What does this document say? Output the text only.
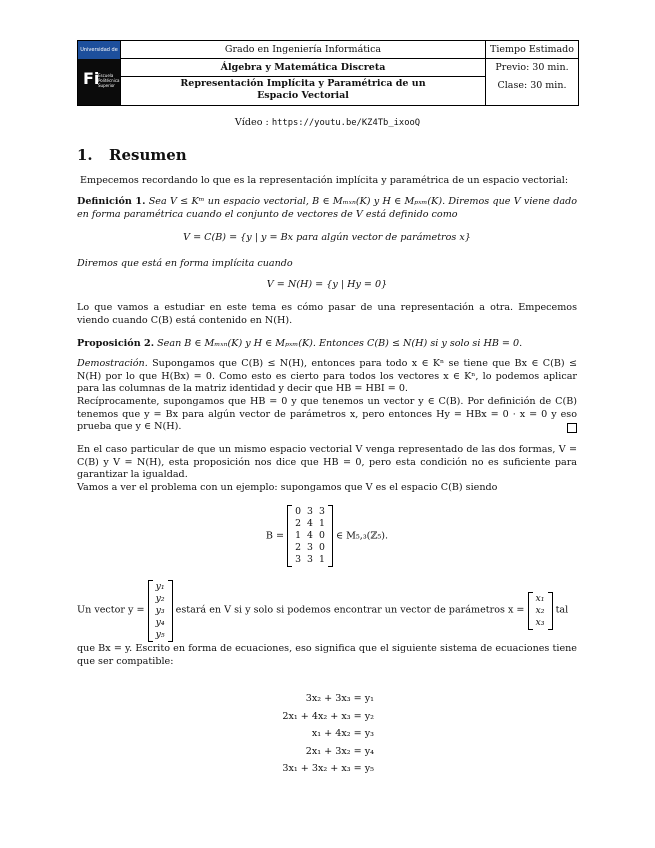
Universidad de
Fi
Escuela Politécnica Superior
Grado en Ingeniería Informática
Álgebra y Matemática Discreta
Representación Implícita y Paramétrica de un Espacio Vectorial
Tiempo Estimado
Previo: 30 min.
Clase: 30 min.
Vídeo : https://youtu.be/KZ4Tb_ixooQ
1. Resumen
Empecemos recordando lo que es la representación implícita y paramétrica de un espacio vectorial:
Definición 1. Sea V ≤ Kᵐ un espacio vectorial, B ∈ Mₘₓₙ(K) y H ∈ Mₚₓₘ(K). Diremos que V viene dado en forma paramétrica cuando el conjunto de vectores de V está definido como
V = C(B) = {y | y = Bx para algún vector de parámetros x}
Diremos que está en forma implícita cuando
V = N(H) = {y | Hy = 0}
Lo que vamos a estudiar en este tema es cómo pasar de una representación a otra. Empecemos viendo cuando C(B) está contenido en N(H).
Proposición 2. Sean B ∈ Mₘₓₙ(K) y H ∈ Mₚₓₘ(K). Entonces C(B) ≤ N(H) si y solo si HB = 0.
Demostración. Supongamos que C(B) ≤ N(H), entonces para todo x ∈ Kⁿ se tiene que Bx ∈ C(B) ≤ N(H) por lo que H(Bx) = 0. Como esto es cierto para todos los vectores x ∈ Kⁿ, lo podemos aplicar para las columnas de la matriz identidad y decir que HB = HBI = 0.
Recíprocamente, supongamos que HB = 0 y que tenemos un vector y ∈ C(B). Por definición de C(B) tenemos que y = Bx para algún vector de parámetros x, pero entonces Hy = HBx = 0 · x = 0 y eso prueba que y ∈ N(H).
En el caso particular de que un mismo espacio vectorial V venga representado de las dos formas, V = C(B) y V = N(H), esta proposición nos dice que HB = 0, pero esta condición no es suficiente para garantizar la igualdad.
Vamos a ver el problema con un ejemplo: supongamos que V es el espacio C(B) siendo
B =
0	3	3
2	4	1
1	4	0
2	3	0
3	3	1
∈ M₅,₃(ℤ₅).
Un vector y =
y₁
y₂
y₃
y₄
y₅
estará en V si y solo si podemos encontrar un vector de parámetros x =
x₁
x₂
x₃
tal
que Bx = y. Escrito en forma de ecuaciones, eso significa que el siguiente sistema de ecuaciones tiene que ser compatible:
3x₂ + 3x₃ = y₁
2x₁ + 4x₂ + x₃ = y₂
x₁ + 4x₂ = y₃
2x₁ + 3x₂ = y₄
3x₁ + 3x₂ + x₃ = y₅
